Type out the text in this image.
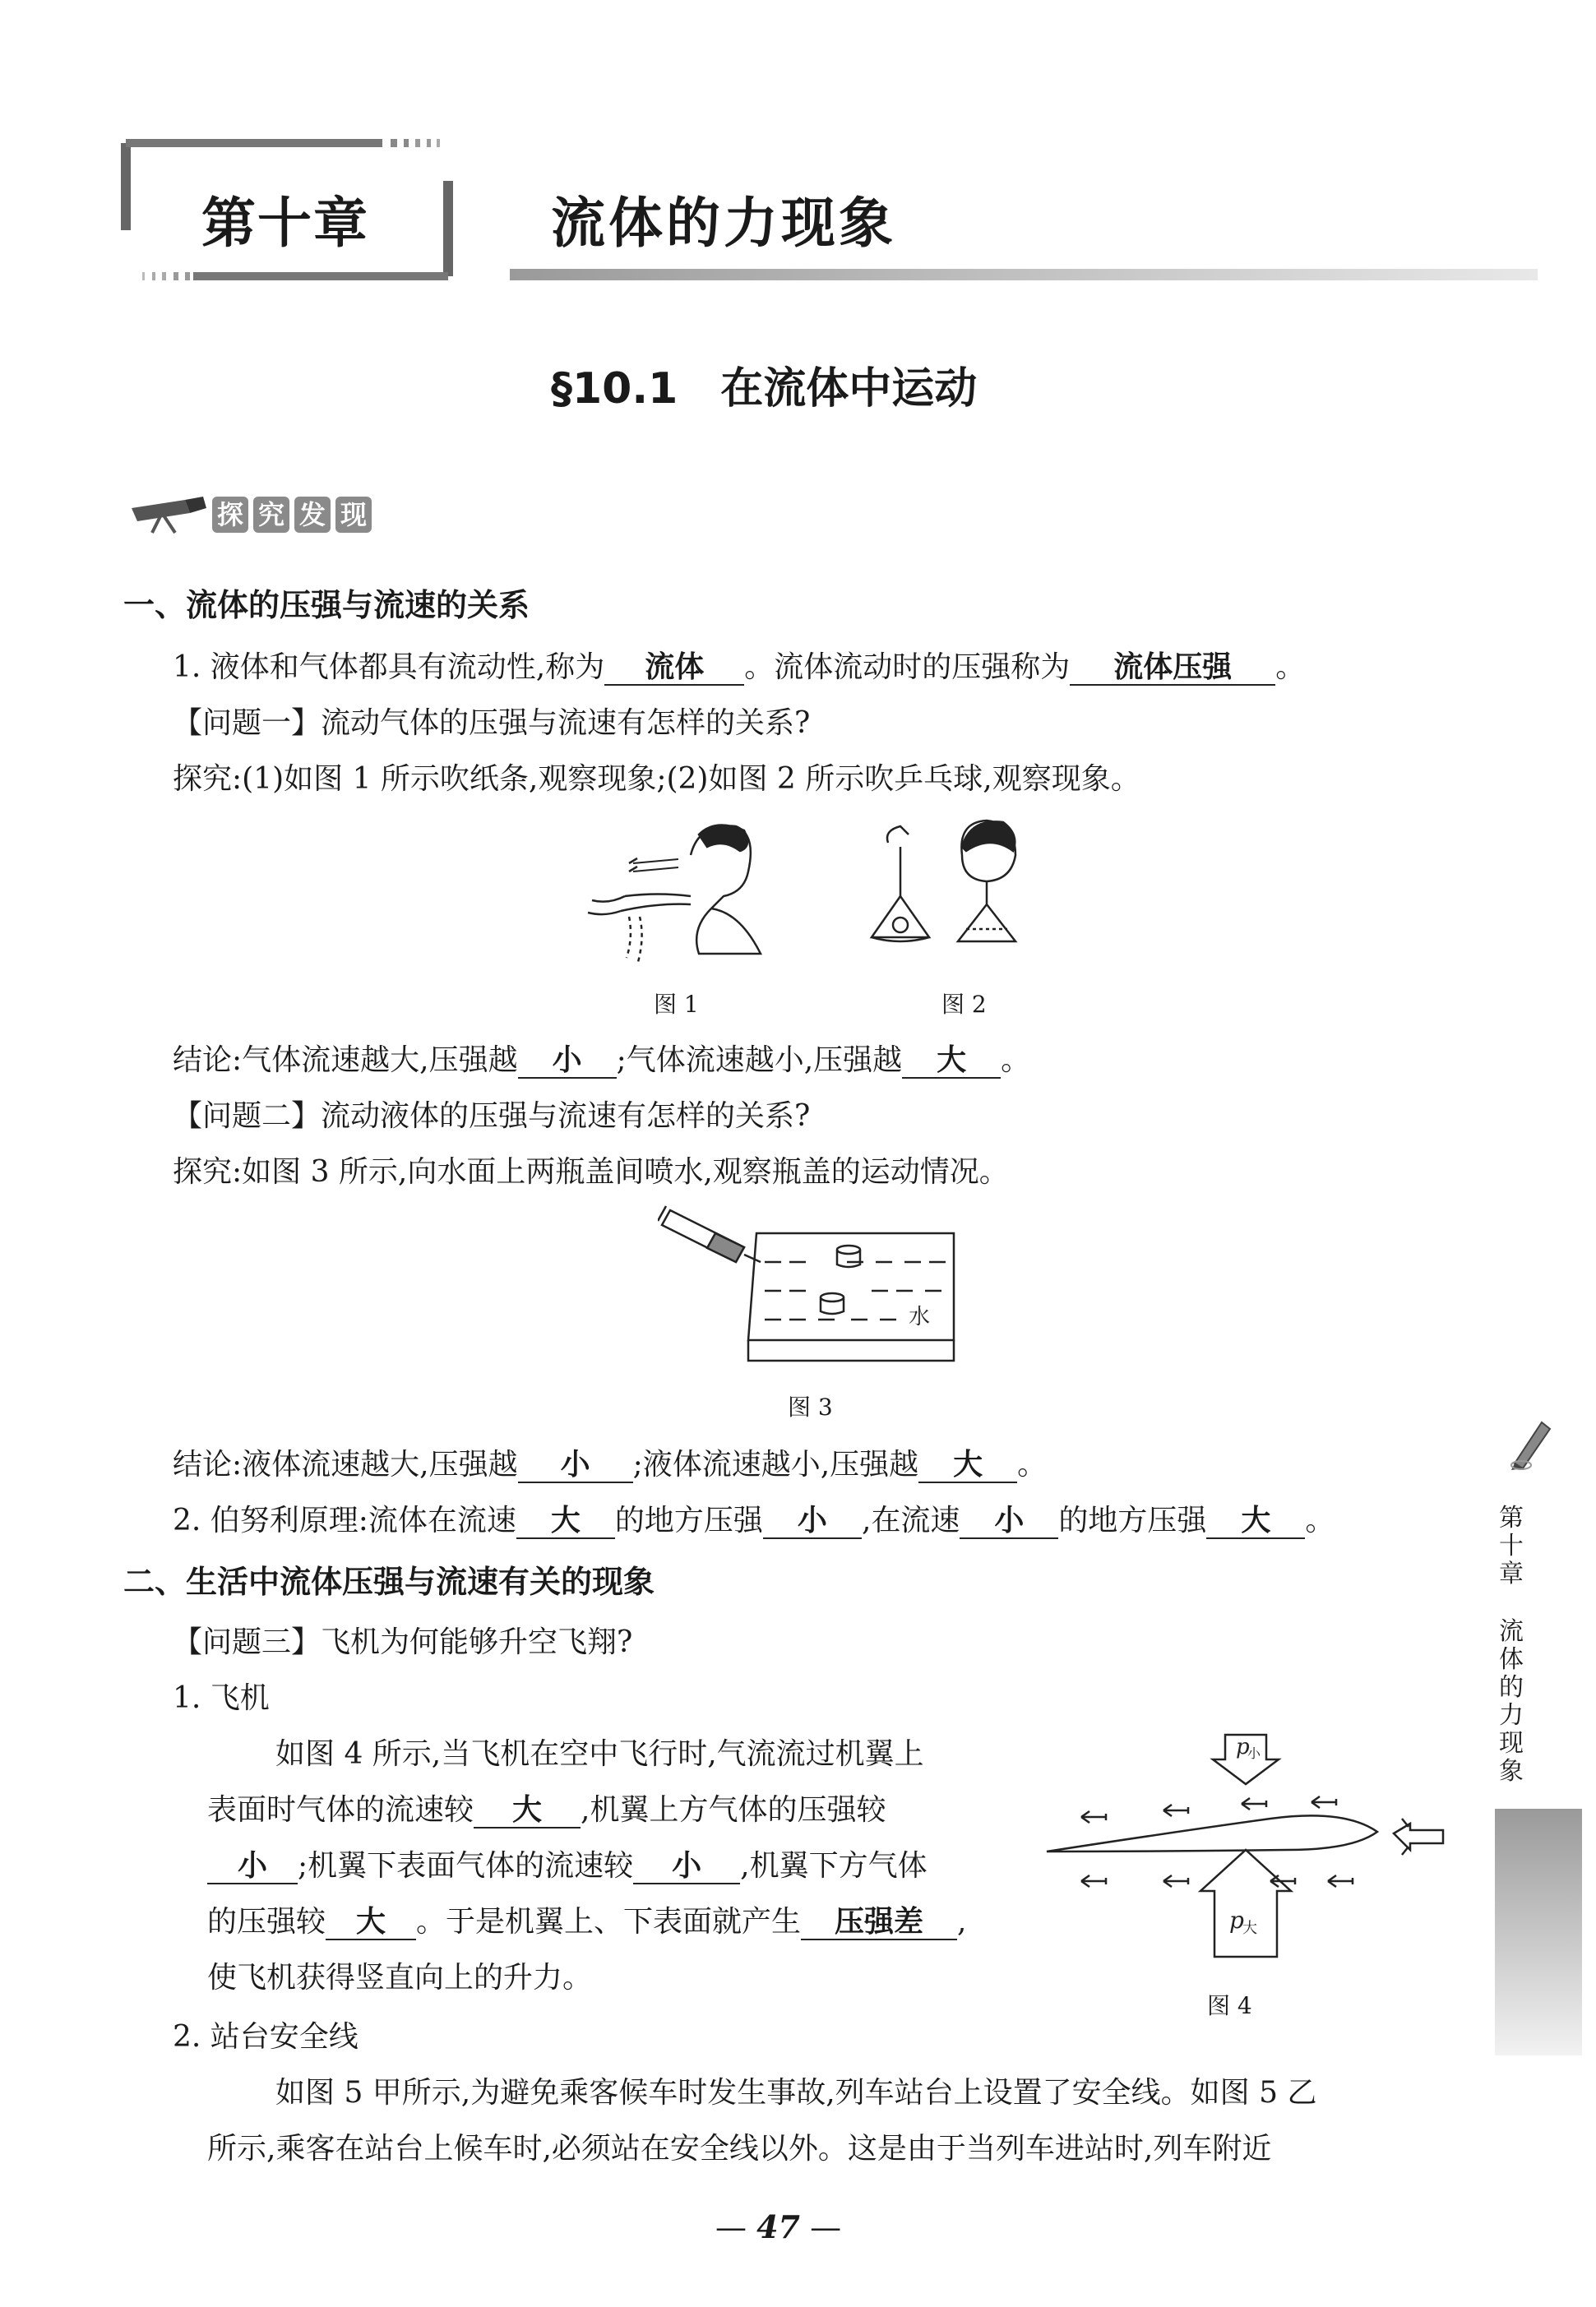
第十章	流体的力现象
§10.1　在流体中运动
探 究 发 现
一、流体的压强与流速的关系
1. 液体和气体都具有流动性,称为 流体 。流体流动时的压强称为 流体压强 。
【问题一】流动气体的压强与流速有怎样的关系?
探究:(1)如图 1 所示吹纸条,观察现象;(2)如图 2 所示吹乒乓球,观察现象。
图 1	图 2
结论:气体流速越大,压强越 小 ;气体流速越小,压强越 大 。
【问题二】流动液体的压强与流速有怎样的关系?
探究:如图 3 所示,向水面上两瓶盖间喷水,观察瓶盖的运动情况。
水
图 3
结论:液体流速越大,压强越 小 ;液体流速越小,压强越 大 。
2. 伯努利原理:流体在流速 大 的地方压强 小 ,在流速 小 的地方压强 大 。
二、生活中流体压强与流速有关的现象
【问题三】飞机为何能够升空飞翔?
1. 飞机
如图 4 所示,当飞机在空中飞行时,气流流过机翼上
表面时气体的流速较 大 ,机翼上方气体的压强较
小 ;机翼下表面气体的流速较 小 ,机翼下方气体
的压强较 大 。于是机翼上、下表面就产生 压强差 ,
使飞机获得竖直向上的升力。
p
小
p
大
图 4
2. 站台安全线
如图 5 甲所示,为避免乘客候车时发生事故,列车站台上设置了安全线。如图 5 乙
所示,乘客在站台上候车时,必须站在安全线以外。这是由于当列车进站时,列车附近
第
十
章
流
体
的
力
现
象
— 47 —
